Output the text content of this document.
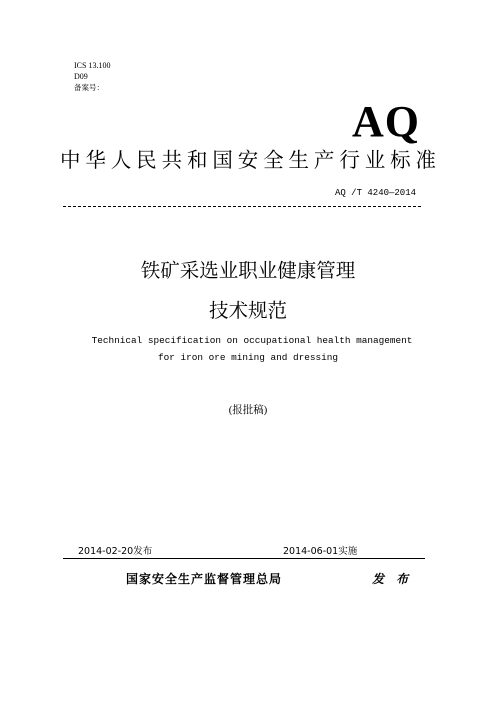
ICS 13.100
D09
备案号：
AQ
中华人民共和国安全生产行业标准
AQ /T 4240—2014
铁矿采选业职业健康管理
技术规范
Technical specification on occupational health management
for iron ore mining and dressing
(报批稿)
2014-02-20发布	2014-06-01实施
国家安全生产监督管理总局	发 布
